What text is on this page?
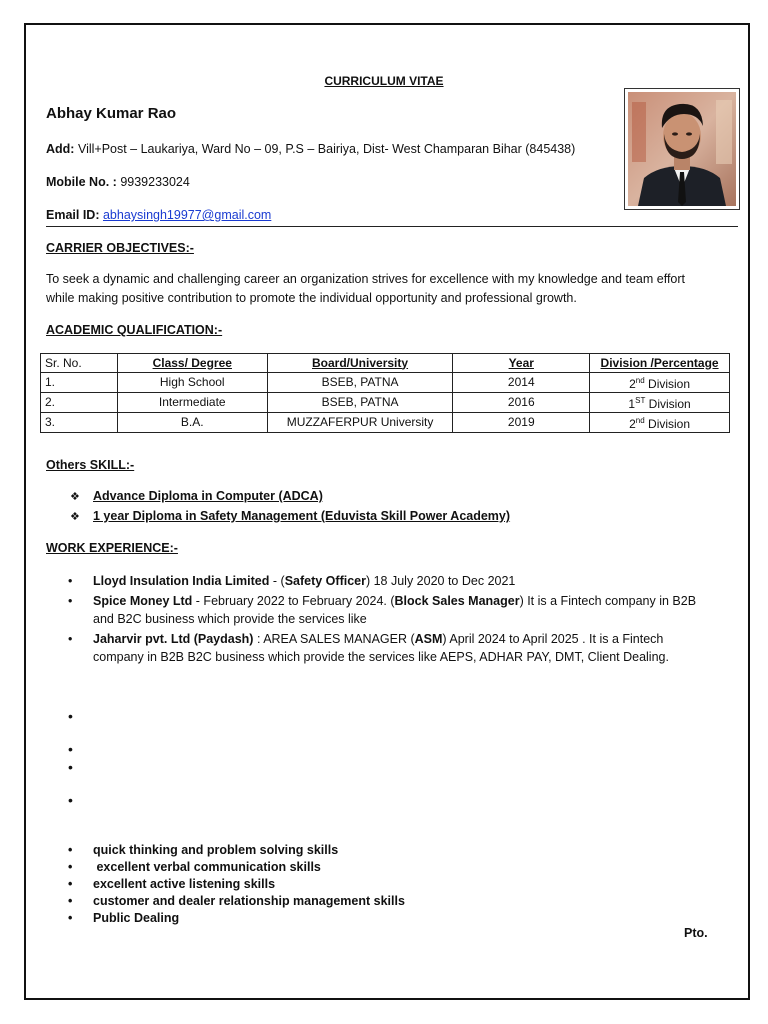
CURRICULUM VITAE
Abhay Kumar Rao
Add: Vill+Post – Laukariya, Ward No – 09, P.S – Bairiya, Dist- West Champaran Bihar (845438)
Mobile No. : 9939233024
Email ID: abhaysingh19977@gmail.com
CARRIER OBJECTIVES:-
To seek a dynamic and challenging career an organization strives for excellence with my knowledge and team effort
while making positive contribution to promote the individual opportunity and professional growth.
ACADEMIC QUALIFICATION:-
Sr. No.	Class/ Degree	Board/University	Year	Division /Percentage
1.	High School	BSEB, PATNA	2014	2nd Division
2.	Intermediate	BSEB, PATNA	2016	1ST Division
3.	B.A.	MUZZAFERPUR University	2019	2nd Division
Others SKILL:-
❖ Advance Diploma in Computer (ADCA)
❖ 1 year Diploma in Safety Management (Eduvista Skill Power Academy)
WORK EXPERIENCE:-
•	Lloyd Insulation India Limited - (Safety Officer) 18 July 2020 to Dec 2021
•	Spice Money Ltd - February 2022 to February 2024. (Block Sales Manager) It is a Fintech company in B2B
and B2C business which provide the services like
•	Jaharvir pvt. Ltd (Paydash) : AREA SALES MANAGER (ASM) April 2024 to April 2025 . It is a Fintech
company in B2B B2C business which provide the services like AEPS, ADHAR PAY, DMT, Client Dealing.
•
•
•
•
• quick thinking and problem solving skills
• excellent verbal communication skills
• excellent active listening skills
• customer and dealer relationship management skills
• Public Dealing
Pto.
